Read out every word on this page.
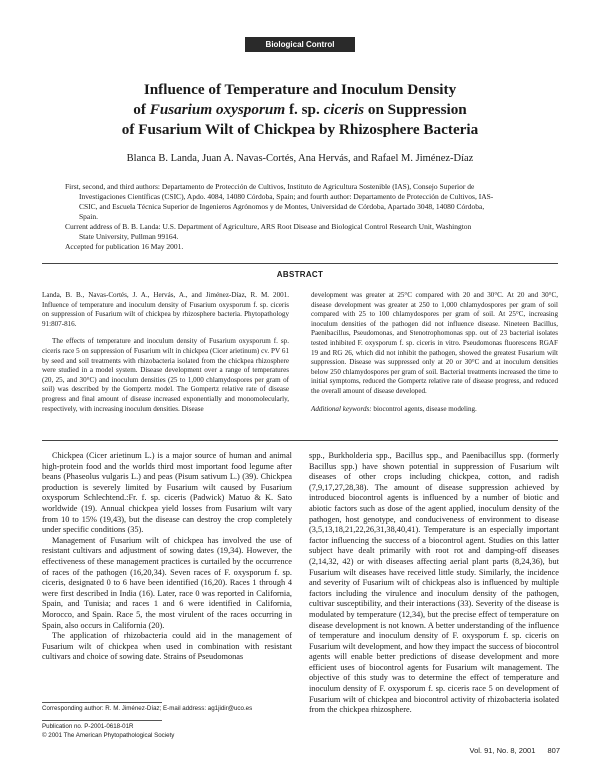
Biological Control
Influence of Temperature and Inoculum Density
of Fusarium oxysporum f. sp. ciceris on Suppression
of Fusarium Wilt of Chickpea by Rhizosphere Bacteria
Blanca B. Landa, Juan A. Navas-Cortés, Ana Hervás, and Rafael M. Jiménez-Díaz

First, second, and third authors: Departamento de Protección de Cultivos, Instituto de Agricultura Sostenible (IAS), Consejo Superior de

Investigaciones Científicas (CSIC), Apdo. 4084, 14080 Córdoba, Spain; and fourth author: Departamento de Protección de Cultivos, IAS-

CSIC, and Escuela Técnica Superior de Ingenieros Agrónomos y de Montes, Universidad de Córdoba, Apartado 3048, 14080 Córdoba,

Spain.

Current address of B. B. Landa: U.S. Department of Agriculture, ARS Root Disease and Biological Control Research Unit, Washington

State University, Pullman 99164.

Accepted for publication 16 May 2001.

ABSTRACT

Landa, B. B., Navas-Cortés, J. A., Hervás, A., and Jiménez-Díaz, R. M. 2001. Influence of temperature and inoculum density of Fusarium oxysporum f. sp. ciceris on suppression of Fusarium wilt of chickpea by rhizosphere bacteria. Phytopathology 91:807-816.

The effects of temperature and inoculum density of Fusarium oxysporum f. sp. ciceris race 5 on suppression of Fusarium wilt in chickpea (Cicer arietinum) cv. PV 61 by seed and soil treatments with rhizobacteria isolated from the chickpea rhizosphere were studied in a model system. Disease development over a range of temperatures (20, 25, and 30°C) and inoculum densities (25 to 1,000 chlamydospores per gram of soil) was described by the Gompertz model. The Gompertz relative rate of disease progress and final amount of disease increased exponentially and monomolecularly, respectively, with increasing inoculum densities. Disease

development was greater at 25°C compared with 20 and 30°C. At 20 and 30°C, disease development was greater at 250 to 1,000 chlamydospores per gram of soil compared with 25 to 100 chlamydospores per gram of soil. At 25°C, increasing inoculum densities of the pathogen did not influence disease. Nineteen Bacillus, Paenibacillus, Pseudomonas, and Stenotrophomonas spp. out of 23 bacterial isolates tested inhibited F. oxysporum f. sp. ciceris in vitro. Pseudomonas fluorescens RGAF 19 and RG 26, which did not inhibit the pathogen, showed the greatest Fusarium wilt suppression. Disease was suppressed only at 20 or 30°C and at inoculum densities below 250 chlamydospores per gram of soil. Bacterial treatments increased the time to initial symptoms, reduced the Gompertz relative rate of disease progress, and reduced the overall amount of disease developed.

Additional keywords: biocontrol agents, disease modeling.

Chickpea (Cicer arietinum L.) is a major source of human and animal high-protein food and the worlds third most important food legume after beans (Phaseolus vulgaris L.) and peas (Pisum sativum L.) (39). Chickpea production is severely limited by Fusarium wilt caused by Fusarium oxysporum Schlechtend.:Fr. f. sp. ciceris (Padwick) Matuo & K. Sato worldwide (19). Annual chickpea yield losses from Fusarium wilt vary from 10 to 15% (19,43), but the disease can destroy the crop completely under specific conditions (35).

Management of Fusarium wilt of chickpea has involved the use of resistant cultivars and adjustment of sowing dates (19,34). However, the effectiveness of these management practices is curtailed by the occurrence of races of the pathogen (16,20,34). Seven races of F. oxysporum f. sp. ciceris, designated 0 to 6 have been identified (16,20). Races 1 through 4 were first described in India (16). Later, race 0 was reported in California, Spain, and Tunisia; and races 1 and 6 were identified in California, Morocco, and Spain. Race 5, the most virulent of the races occurring in Spain, also occurs in California (20).

The application of rhizobacteria could aid in the management of Fusarium wilt of chickpea when used in combination with resistant cultivars and choice of sowing date. Strains of Pseudomonas

spp., Burkholderia spp., Bacillus spp., and Paenibacillus spp. (formerly Bacillus spp.) have shown potential in suppression of Fusarium wilt diseases of other crops including chickpea, cotton, and radish (7,9,17,27,28,38). The amount of disease suppression achieved by introduced biocontrol agents is influenced by a number of biotic and abiotic factors such as dose of the agent applied, inoculum density of the pathogen, host genotype, and conduciveness of environment to disease (3,5,13,18,21,22,26,31,38,40,41). Temperature is an especially important factor influencing the success of a biocontrol agent. Studies on this latter subject have dealt primarily with root rot and damping-off diseases (2,14,32, 42) or with diseases affecting aerial plant parts (8,24,36), but Fusarium wilt diseases have received little study. Similarly, the incidence and severity of Fusarium wilt of chickpeas also is influenced by multiple factors including the virulence and inoculum density of the pathogen, cultivar susceptibility, and their interactions (33). Severity of the disease is modulated by temperature (12,34), but the precise effect of temperature on disease development is not known. A better understanding of the influence of temperature and inoculum density of F. oxysporum f. sp. ciceris on Fusarium wilt development, and how they impact the success of biocontrol agents will enable better predictions of disease development and more efficient uses of biocontrol agents for Fusarium wilt management. The objective of this study was to determine the effect of temperature and inoculum density of F. oxysporum f. sp. ciceris race 5 on development of Fusarium wilt of chickpea and biocontrol activity of rhizobacteria isolated from the chickpea rhizosphere.

Corresponding author: R. M. Jiménez-Díaz; E-mail address: ag1jidir@uco.es
Publication no. P-2001-0618-01R
© 2001 The American Phytopathological Society
Vol. 91, No. 8, 2001 807
